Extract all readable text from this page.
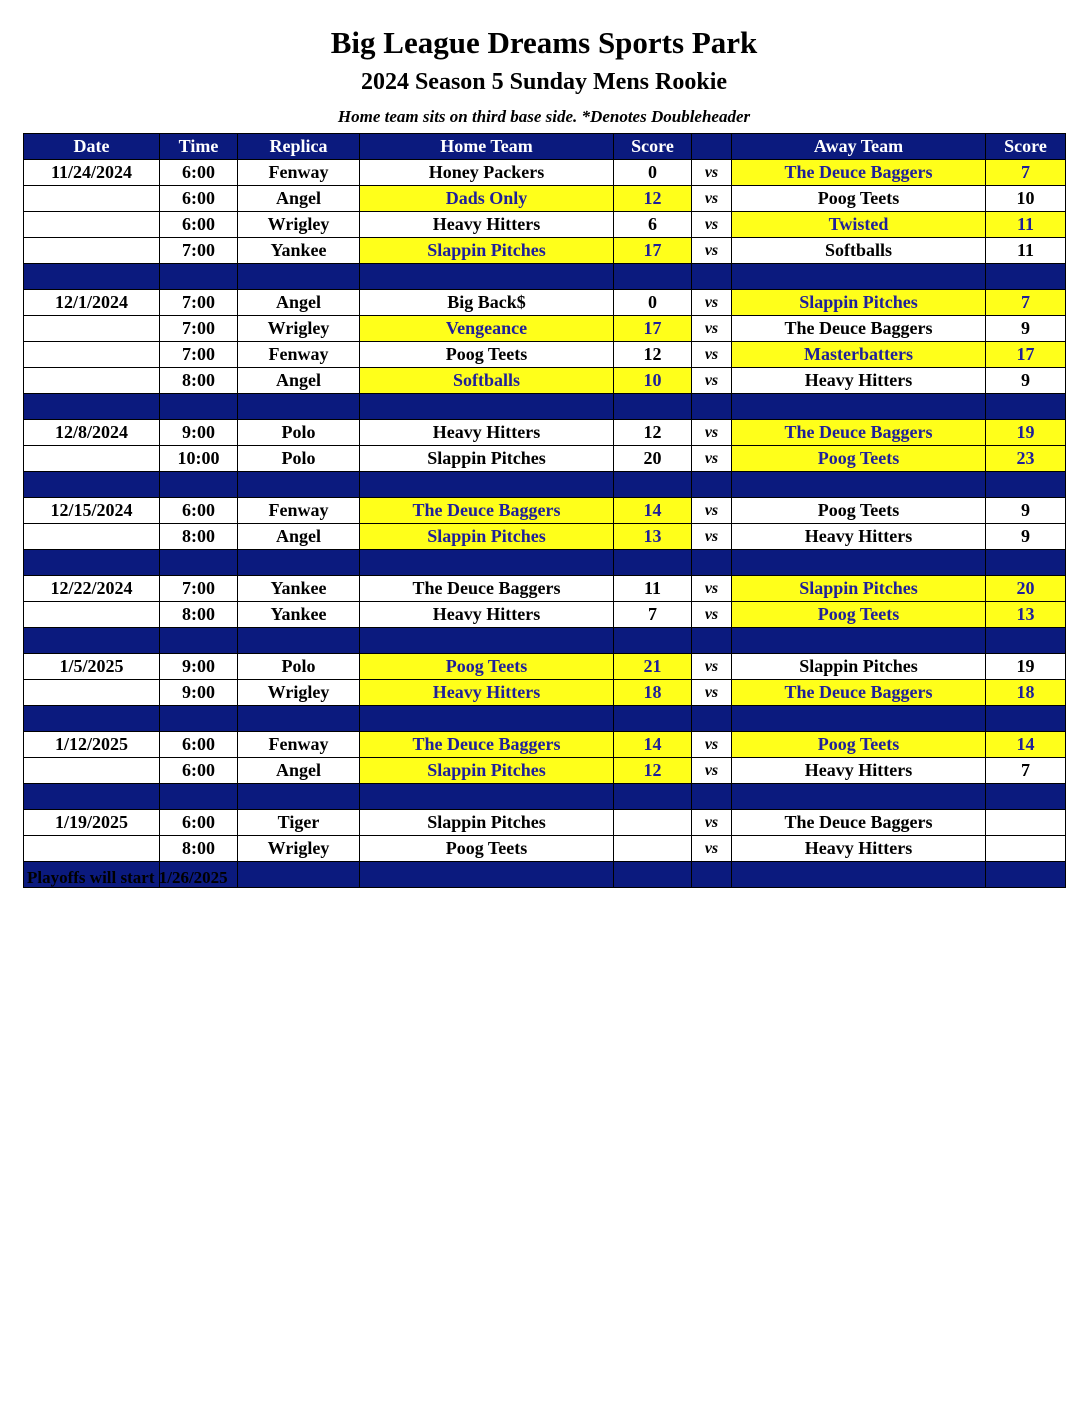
Big League Dreams Sports Park
2024 Season 5 Sunday Mens Rookie
Home team sits on third base side. *Denotes Doubleheader
Date	Time	Replica	Home Team	Score		Away Team	Score
11/24/2024	6:00	Fenway	Honey Packers	0	vs	The Deuce Baggers	7
	6:00	Angel	Dads Only	12	vs	Poog Teets	10
	6:00	Wrigley	Heavy Hitters	6	vs	Twisted	11
	7:00	Yankee	Slappin Pitches	17	vs	Softballs	11

12/1/2024	7:00	Angel	Big Back$	0	vs	Slappin Pitches	7
	7:00	Wrigley	Vengeance	17	vs	The Deuce Baggers	9
	7:00	Fenway	Poog Teets	12	vs	Masterbatters	17
	8:00	Angel	Softballs	10	vs	Heavy Hitters	9

12/8/2024	9:00	Polo	Heavy Hitters	12	vs	The Deuce Baggers	19
	10:00	Polo	Slappin Pitches	20	vs	Poog Teets	23

12/15/2024	6:00	Fenway	The Deuce Baggers	14	vs	Poog Teets	9
	8:00	Angel	Slappin Pitches	13	vs	Heavy Hitters	9

12/22/2024	7:00	Yankee	The Deuce Baggers	11	vs	Slappin Pitches	20
	8:00	Yankee	Heavy Hitters	7	vs	Poog Teets	13

1/5/2025	9:00	Polo	Poog Teets	21	vs	Slappin Pitches	19
	9:00	Wrigley	Heavy Hitters	18	vs	The Deuce Baggers	18

1/12/2025	6:00	Fenway	The Deuce Baggers	14	vs	Poog Teets	14
	6:00	Angel	Slappin Pitches	12	vs	Heavy Hitters	7

1/19/2025	6:00	Tiger	Slappin Pitches		vs	The Deuce Baggers	
	8:00	Wrigley	Poog Teets		vs	Heavy Hitters	

Playoffs will start 1/26/2025
